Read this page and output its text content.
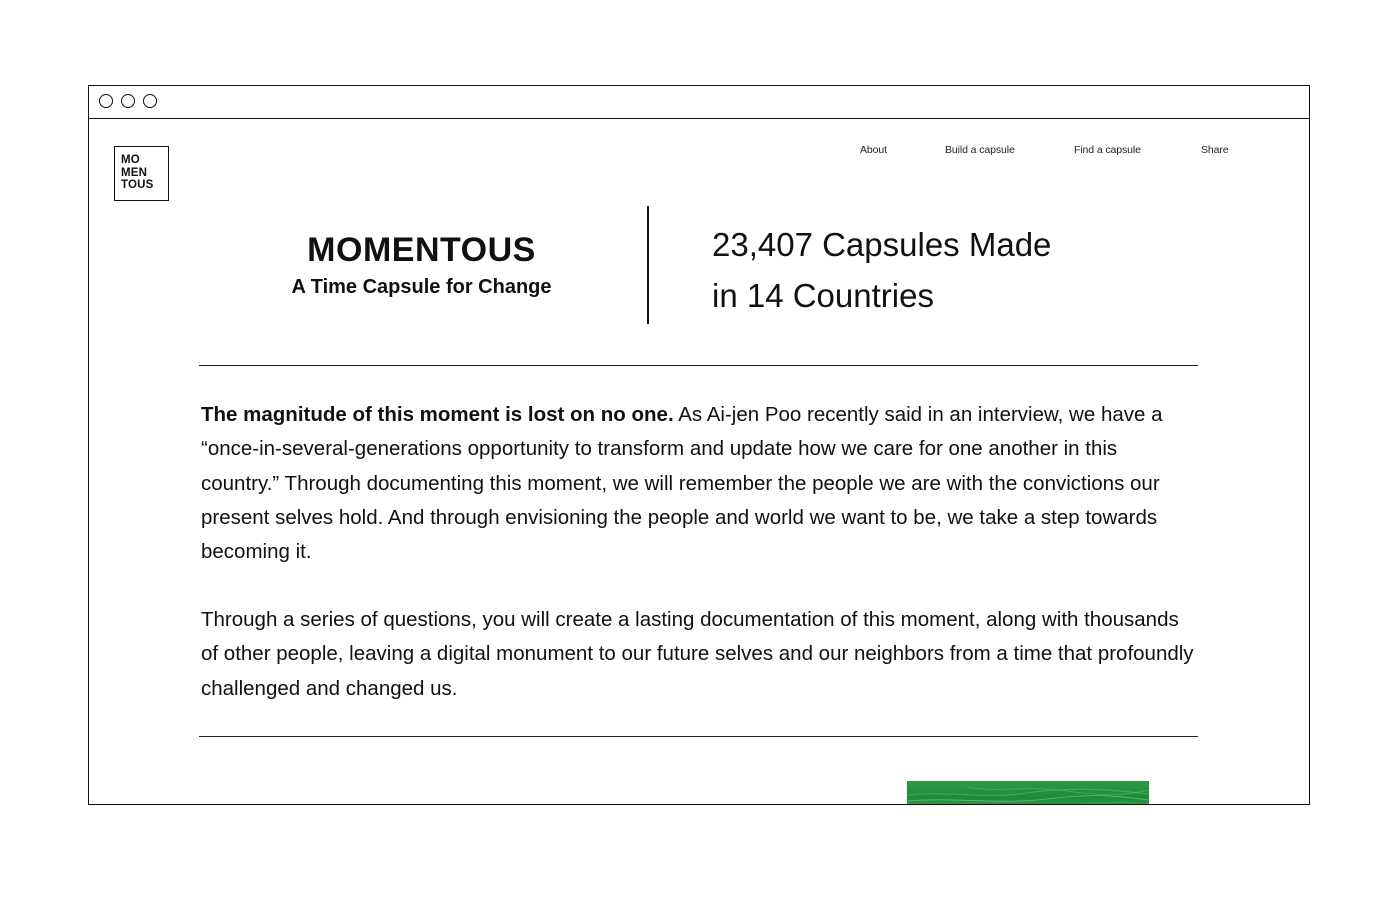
MO
MEN
TOUS
About	Build a capsule	Find a capsule	Share
MOMENTOUS
A Time Capsule for Change
23,407 Capsules Made
in 14 Countries

The magnitude of this moment is lost on no one. As Ai-jen Poo recently said in an interview, we have a “once-in-several-generations opportunity to transform and update how we care for one another in this country.” Through documenting this moment, we will remember the people we are with the convictions our present selves hold. And through envisioning the people and world we want to be, we take a step towards becoming it.

Through a series of questions, you will create a lasting documentation of this moment, along with thousands of other people, leaving a digital monument to our future selves and our neighbors from a time that profoundly challenged and changed us.
